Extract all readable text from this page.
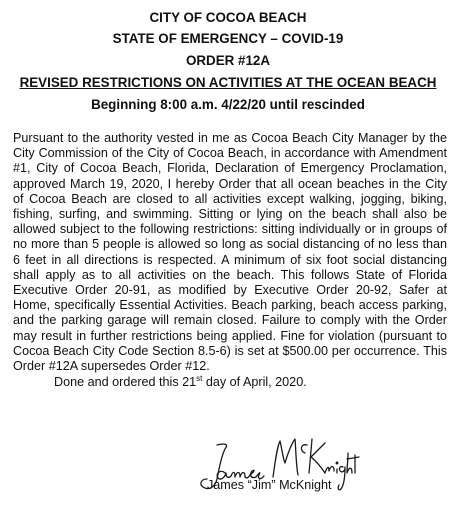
CITY OF COCOA BEACH
STATE OF EMERGENCY – COVID-19
ORDER #12A
REVISED RESTRICTIONS ON ACTIVITIES AT THE OCEAN BEACH
Beginning 8:00 a.m. 4/22/20 until rescinded
Pursuant to the authority vested in me as Cocoa Beach City Manager by the City Commission of the City of Cocoa Beach, in accordance with Amendment #1, City of Cocoa Beach, Florida, Declaration of Emergency Proclamation, approved March 19, 2020, I hereby Order that all ocean beaches in the City of Cocoa Beach are closed to all activities except walking, jogging, biking, fishing, surfing, and swimming. Sitting or lying on the beach shall also be allowed subject to the following restrictions: sitting individually or in groups of no more than 5 people is allowed so long as social distancing of no less than 6 feet in all directions is respected. A minimum of six foot social distancing shall apply as to all activities on the beach. This follows State of Florida Executive Order 20-91, as modified by Executive Order 20-92, Safer at Home, specifically Essential Activities. Beach parking, beach access parking, and the parking garage will remain closed. Failure to comply with the Order may result in further restrictions being applied. Fine for violation (pursuant to Cocoa Beach City Code Section 8.5-6) is set at $500.00 per occurrence. This Order #12A supersedes Order #12.
Done and ordered this 21st day of April, 2020.
James “Jim” McKnight
